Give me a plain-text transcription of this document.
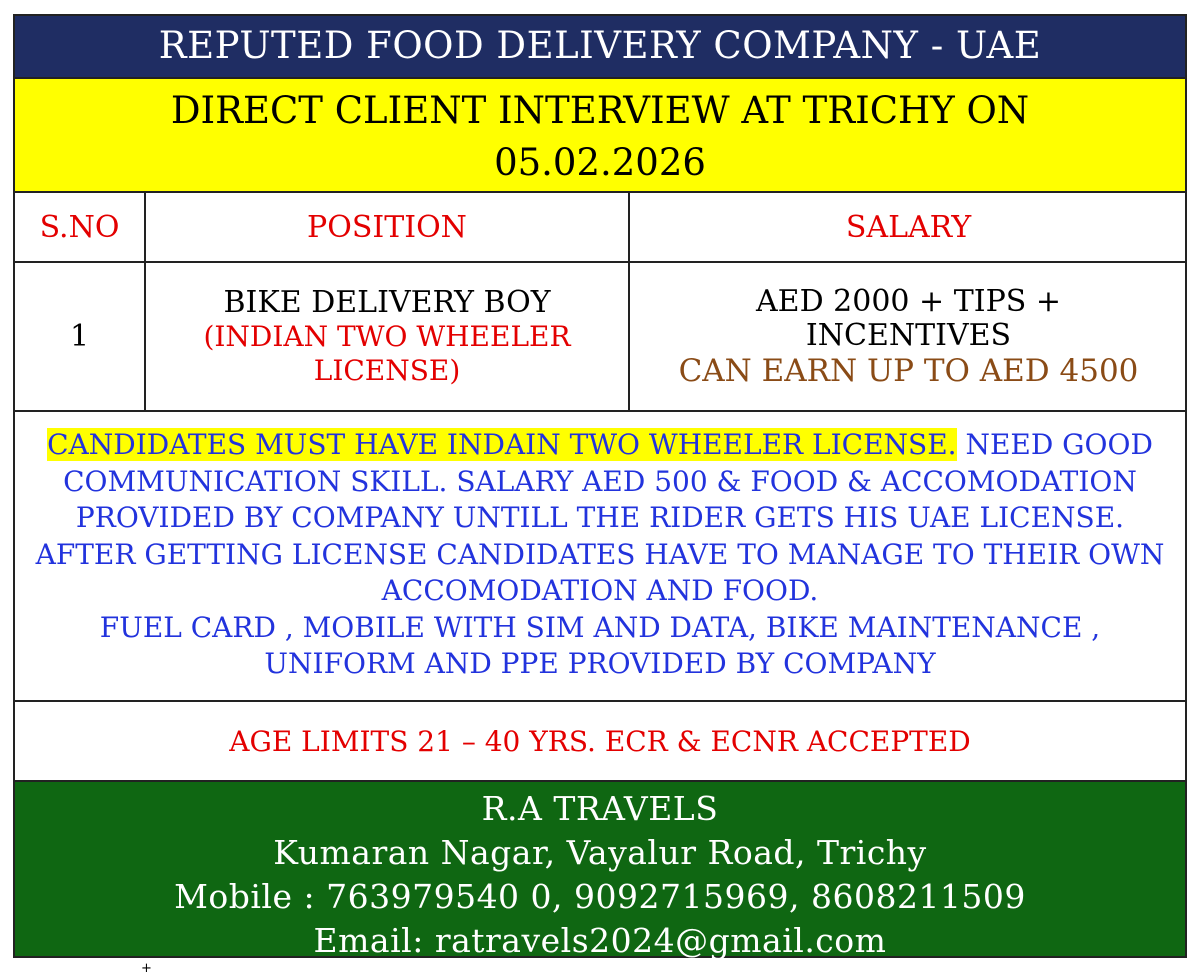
REPUTED FOOD DELIVERY COMPANY - UAE
DIRECT CLIENT INTERVIEW AT TRICHY ON
05.02.2026
S.NO	POSITION	SALARY
1
BIKE DELIVERY BOY
(INDIAN TWO WHEELER LICENSE)
AED 2000 + TIPS + INCENTIVES
CAN EARN UP TO AED 4500
CANDIDATES MUST HAVE INDAIN TWO WHEELER LICENSE. NEED GOOD COMMUNICATION SKILL. SALARY AED 500 & FOOD & ACCOMODATION PROVIDED BY COMPANY UNTILL THE RIDER GETS HIS UAE LICENSE. AFTER GETTING LICENSE CANDIDATES HAVE TO MANAGE TO THEIR OWN ACCOMODATION AND FOOD.
FUEL CARD , MOBILE WITH SIM AND DATA, BIKE MAINTENANCE , UNIFORM AND PPE PROVIDED BY COMPANY
AGE LIMITS 21 – 40 YRS. ECR & ECNR ACCEPTED
R.A TRAVELS
Kumaran Nagar, Vayalur Road, Trichy
Mobile : 763979540 0, 9092715969, 8608211509
Email: ratravels2024@gmail.com
+
